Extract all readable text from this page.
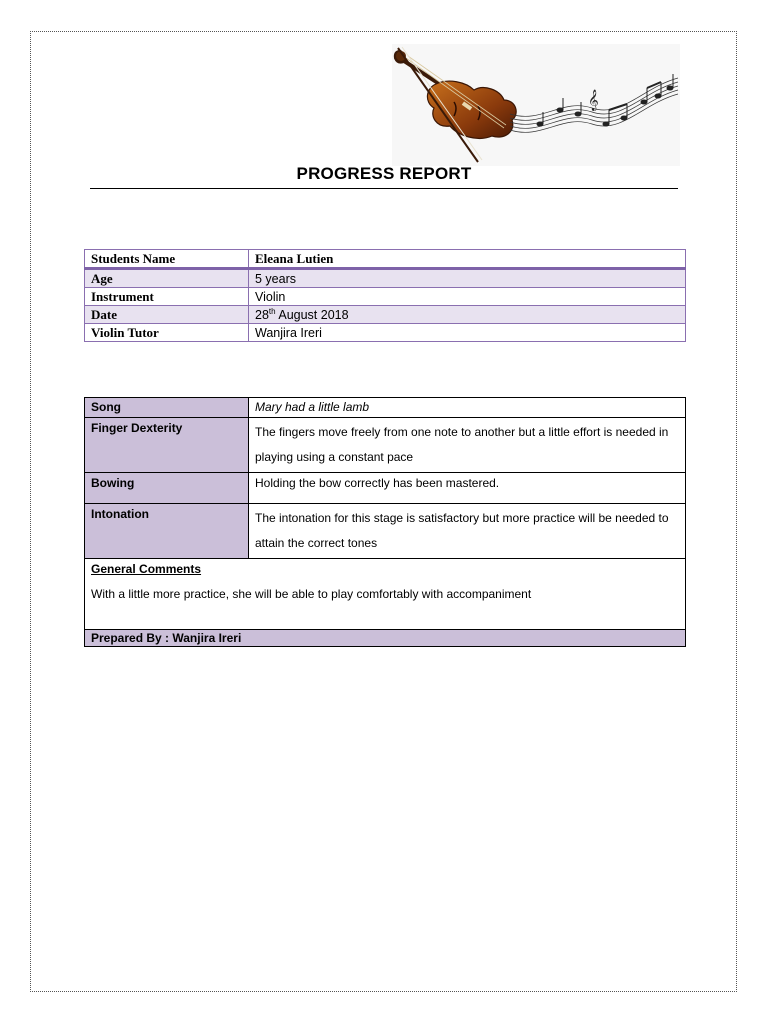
𝄞
PROGRESS REPORT
Students Name	Eleana Lutien
Age	5 years
Instrument	Violin
Date	28th August 2018
Violin Tutor	Wanjira Ireri
Song	Mary had a little lamb
Finger Dexterity	The fingers move freely from one note to another but a little effort is needed in playing using a constant pace
Bowing	Holding the bow correctly has been mastered.
Intonation	The intonation for this stage is satisfactory but more practice will be needed to attain the correct tones
General Comments
With a little more practice, she will be able to play comfortably with accompaniment	

Prepared By : Wanjira Ireri	
